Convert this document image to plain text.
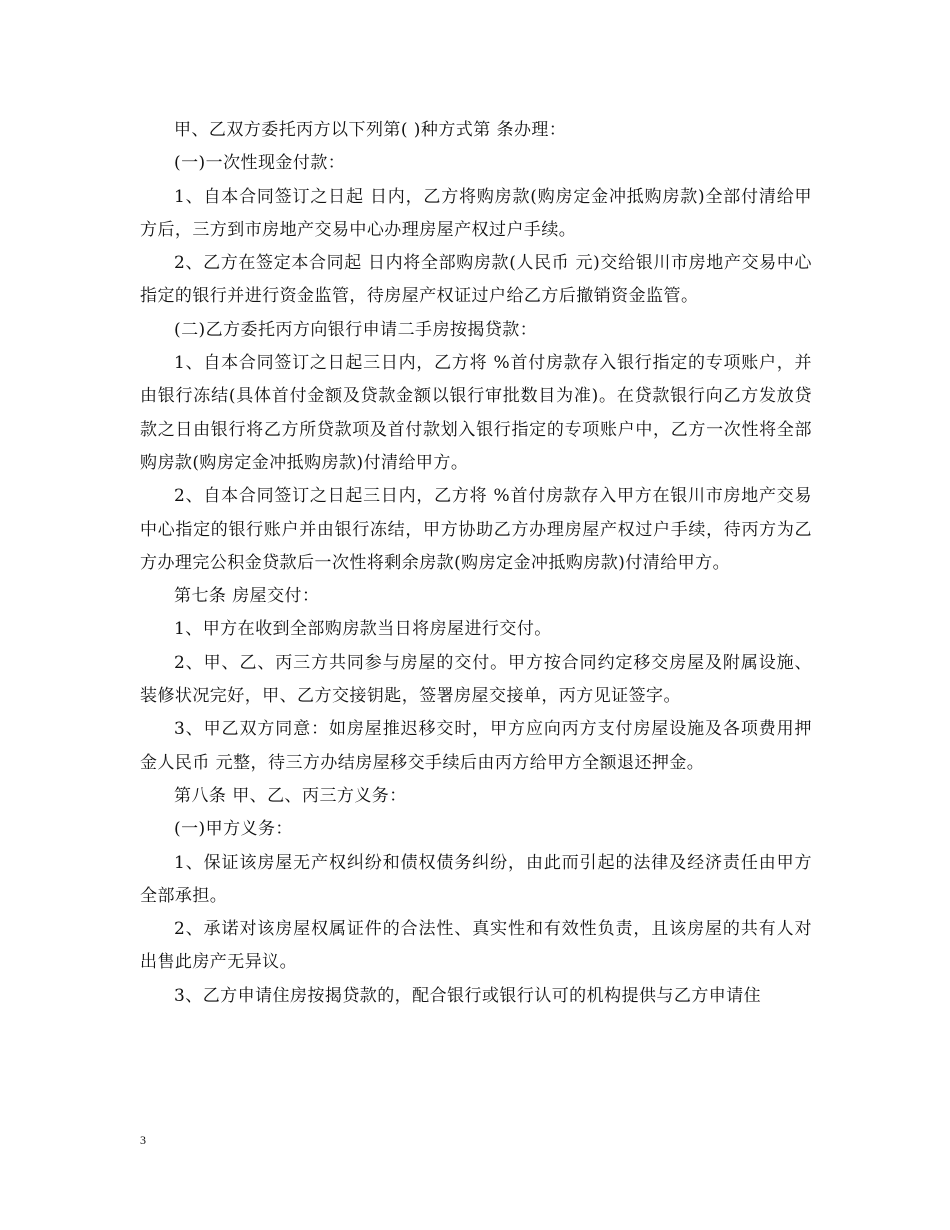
甲、乙双方委托丙方以下列第( )种方式第 条办理：

(一)一次性现金付款：

1、自本合同签订之日起 日内，乙方将购房款(购房定金冲抵购房款)全部付清给甲方后，三方到市房地产交易中心办理房屋产权过户手续。

2、乙方在签定本合同起 日内将全部购房款(人民币 元)交给银川市房地产交易中心指定的银行并进行资金监管，待房屋产权证过户给乙方后撤销资金监管。

(二)乙方委托丙方向银行申请二手房按揭贷款：

1、自本合同签订之日起三日内，乙方将 %首付房款存入银行指定的专项账户，并由银行冻结(具体首付金额及贷款金额以银行审批数目为准)。在贷款银行向乙方发放贷款之日由银行将乙方所贷款项及首付款划入银行指定的专项账户中，乙方一次性将全部购房款(购房定金冲抵购房款)付清给甲方。

2、自本合同签订之日起三日内，乙方将 %首付房款存入甲方在银川市房地产交易中心指定的银行账户并由银行冻结，甲方协助乙方办理房屋产权过户手续，待丙方为乙方办理完公积金贷款后一次性将剩余房款(购房定金冲抵购房款)付清给甲方。

第七条 房屋交付：

1、甲方在收到全部购房款当日将房屋进行交付。

2、甲、乙、丙三方共同参与房屋的交付。甲方按合同约定移交房屋及附属设施、装修状况完好，甲、乙方交接钥匙，签署房屋交接单，丙方见证签字。

3、甲乙双方同意：如房屋推迟移交时，甲方应向丙方支付房屋设施及各项费用押金人民币 元整，待三方办结房屋移交手续后由丙方给甲方全额退还押金。

第八条 甲、乙、丙三方义务：

(一)甲方义务：

1、保证该房屋无产权纠纷和债权债务纠纷，由此而引起的法律及经济责任由甲方全部承担。

2、承诺对该房屋权属证件的合法性、真实性和有效性负责，且该房屋的共有人对出售此房产无异议。

3、乙方申请住房按揭贷款的，配合银行或银行认可的机构提供与乙方申请住

3
